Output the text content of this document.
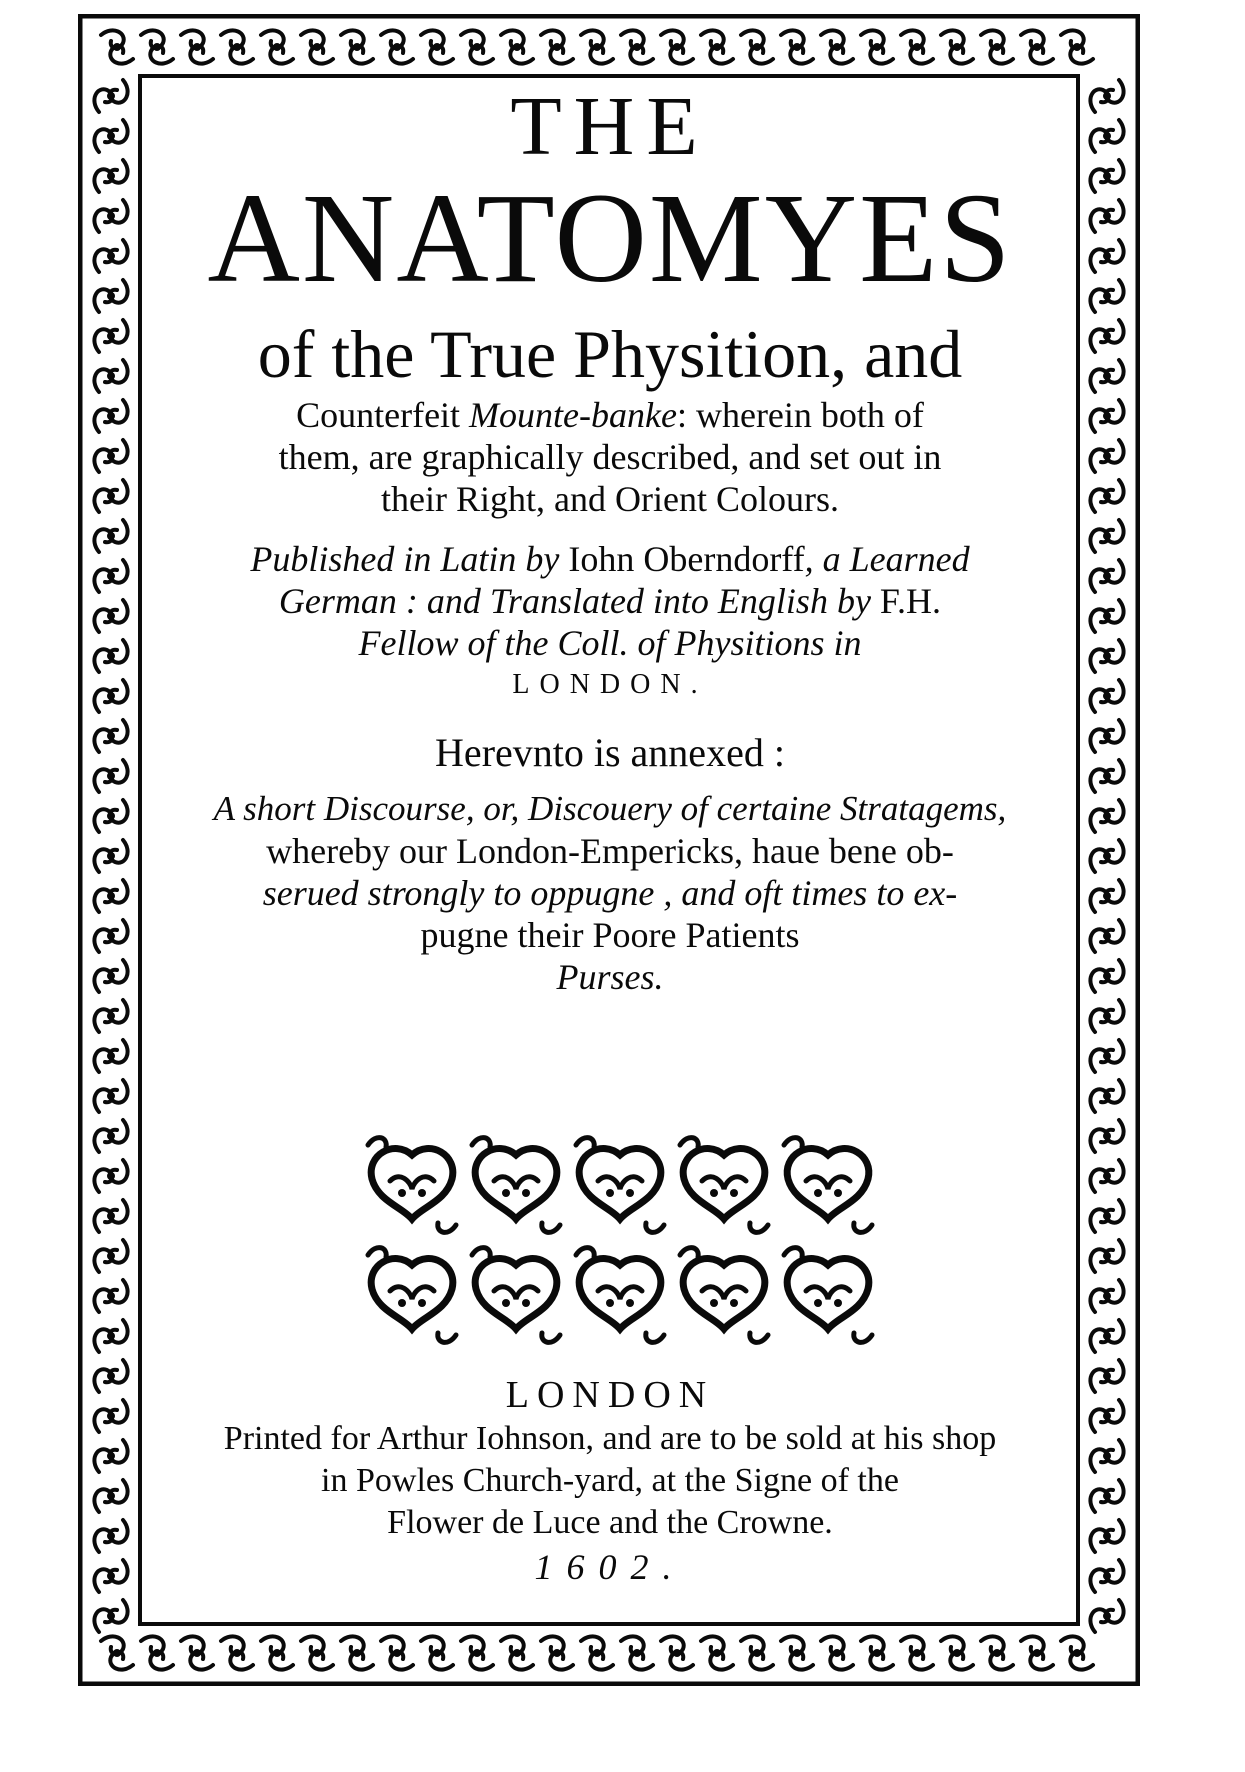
THE
ANATOMYES
of the True Physition, and
Counterfeit Mounte-banke: wherein both of
them, are graphically described, and set out in
their Right, and Orient Colours.
Published in Latin by Iohn Oberndorff, a Learned
German : and Translated into English by F.H.
Fellow of the Coll. of Physitions in
LONDON.
Herevnto is annexed :
A short Discourse, or, Discouery of certaine Stratagems,
whereby our London-Empericks, haue bene ob-
serued strongly to oppugne , and oft times to ex-
pugne their Poore Patients
Purses.
LONDON
Printed for Arthur Iohnson, and are to be sold at his shop
in Powles Church-yard, at the Signe of the
Flower de Luce and the Crowne.
1602.
